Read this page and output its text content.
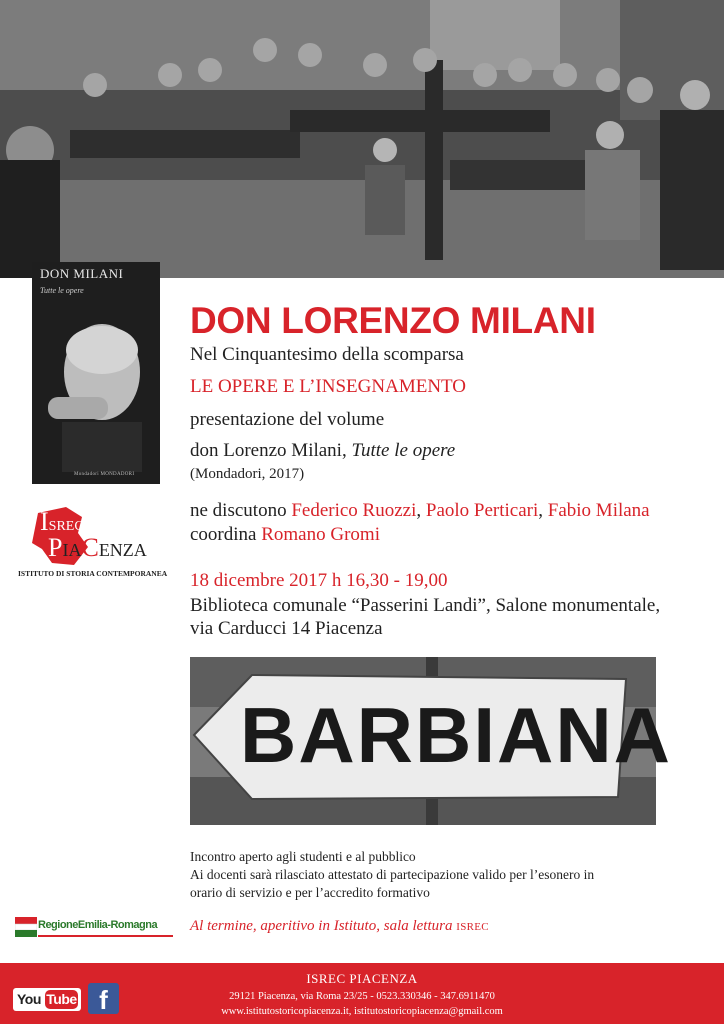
DON MILANI
Tutte le opere
Mondadori MONDADORI
DON LORENZO MILANI
Nel Cinquantesimo della scomparsa
LE OPERE E L’INSEGNAMENTO
presentazione del volume
don Lorenzo Milani, Tutte le opere
(Mondadori, 2017)
ne discutono Federico Ruozzi, Paolo Perticari, Fabio Milana
coordina Romano Gromi
18 dicembre 2017 h 16,30 - 19,00
Biblioteca comunale “Passerini Landi”, Salone monumentale,
via Carducci 14 Piacenza
ISREC
PIACENZA
ISTITUTO DI STORIA CONTEMPORANEA
BARBIANA
Incontro aperto agli studenti e al pubblico
Ai docenti sarà rilasciato attestato di partecipazione valido per l’esonero in
orario di servizio e per l’accredito formativo
RegioneEmilia-Romagna Al termine, aperitivo in Istituto, sala lettura ISREC
ISREC PIACENZA
29121 Piacenza, via Roma 23/25 - 0523.330346 - 347.6911470
www.istitutostoricopiacenza.it, istitutostoricopiacenza@gmail.com
You Tube f
